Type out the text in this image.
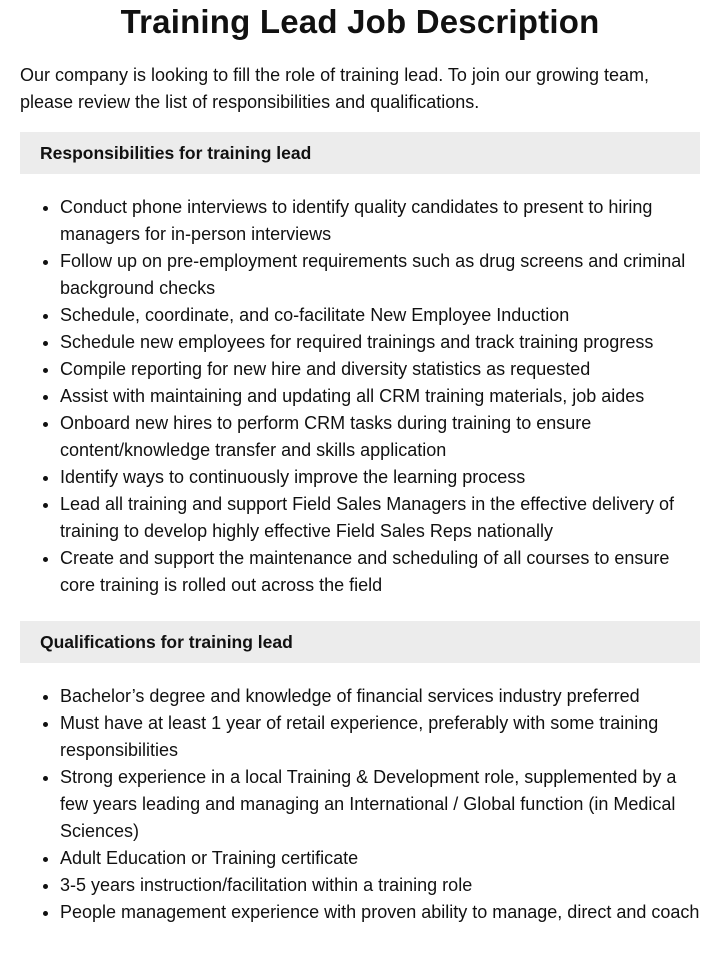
Training Lead Job Description

Our company is looking to fill the role of training lead. To join our growing team, please review the list of responsibilities and qualifications.

Responsibilities for training lead
• Conduct phone interviews to identify quality candidates to present to hiring managers for in-person interviews
• Follow up on pre-employment requirements such as drug screens and criminal background checks
• Schedule, coordinate, and co-facilitate New Employee Induction
• Schedule new employees for required trainings and track training progress
• Compile reporting for new hire and diversity statistics as requested
• Assist with maintaining and updating all CRM training materials, job aides
• Onboard new hires to perform CRM tasks during training to ensure content/knowledge transfer and skills application
• Identify ways to continuously improve the learning process
• Lead all training and support Field Sales Managers in the effective delivery of training to develop highly effective Field Sales Reps nationally
• Create and support the maintenance and scheduling of all courses to ensure core training is rolled out across the field
Qualifications for training lead
• Bachelor’s degree and knowledge of financial services industry preferred
• Must have at least 1 year of retail experience, preferably with some training responsibilities
• Strong experience in a local Training & Development role, supplemented by a few years leading and managing an International / Global function (in Medical Sciences)
• Adult Education or Training certificate
• 3-5 years instruction/facilitation within a training role
• People management experience with proven ability to manage, direct and coach
